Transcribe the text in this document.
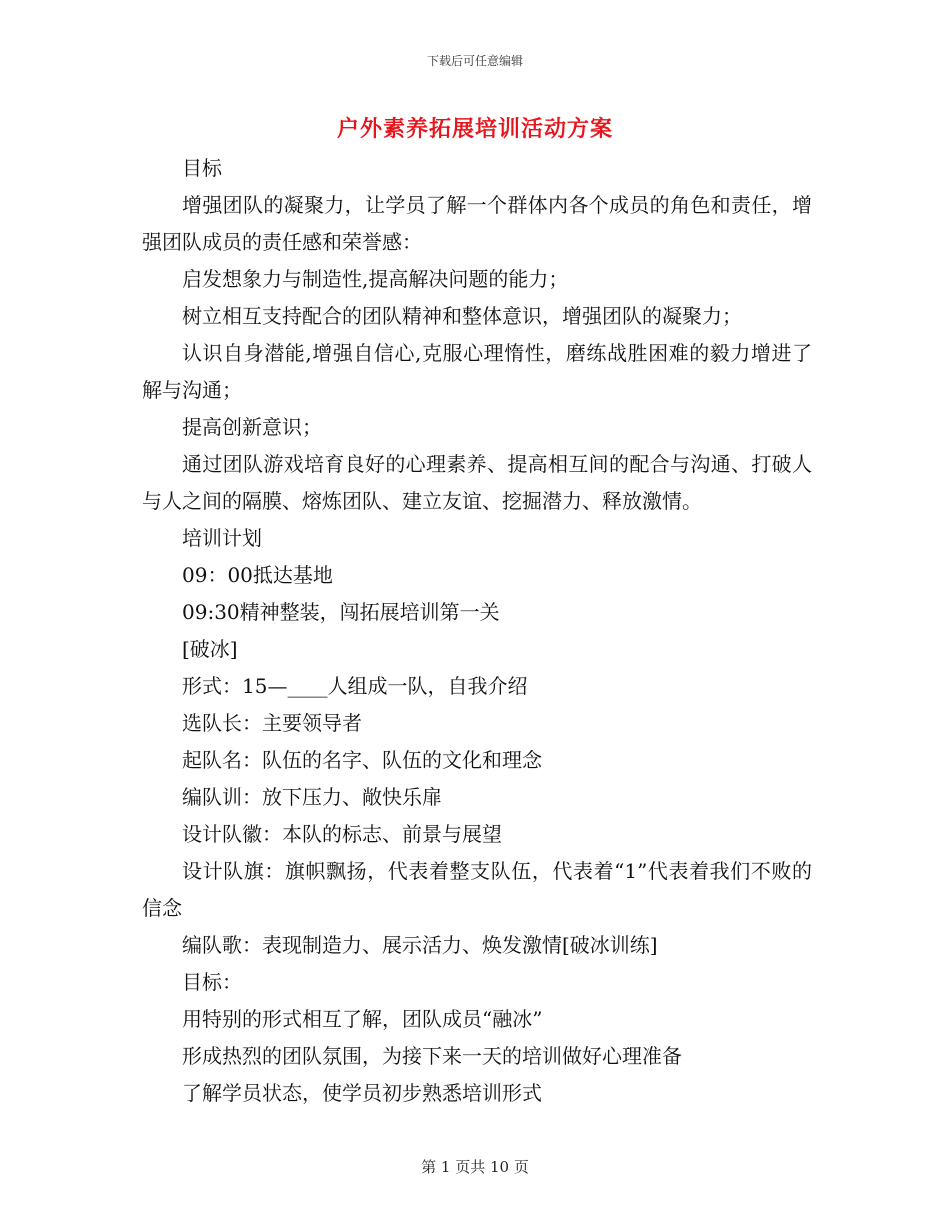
下载后可任意编辑
户外素养拓展培训活动方案

目标

增强团队的凝聚力，让学员了解一个群体内各个成员的角色和责任，增强团队成员的责任感和荣誉感：

启发想象力与制造性,提高解决问题的能力；

树立相互支持配合的团队精神和整体意识，增强团队的凝聚力；

认识自身潜能,增强自信心,克服心理惰性，磨练战胜困难的毅力增进了解与沟通；

提高创新意识；

通过团队游戏培育良好的心理素养、提高相互间的配合与沟通、打破人与人之间的隔膜、熔炼团队、建立友谊、挖掘潜力、释放激情。

培训计划

09：00抵达基地

09:30精神整装，闯拓展培训第一关

[破冰]

形式：15—____人组成一队，自我介绍

选队长：主要领导者

起队名：队伍的名字、队伍的文化和理念

编队训：放下压力、敞快乐扉

设计队徽：本队的标志、前景与展望

设计队旗：旗帜飘扬，代表着整支队伍，代表着“1”代表着我们不败的信念

编队歌：表现制造力、展示活力、焕发激情[破冰训练]

目标：

用特别的形式相互了解，团队成员“融冰”

形成热烈的团队氛围，为接下来一天的培训做好心理准备

了解学员状态，使学员初步熟悉培训形式

第 1 页共 10 页
